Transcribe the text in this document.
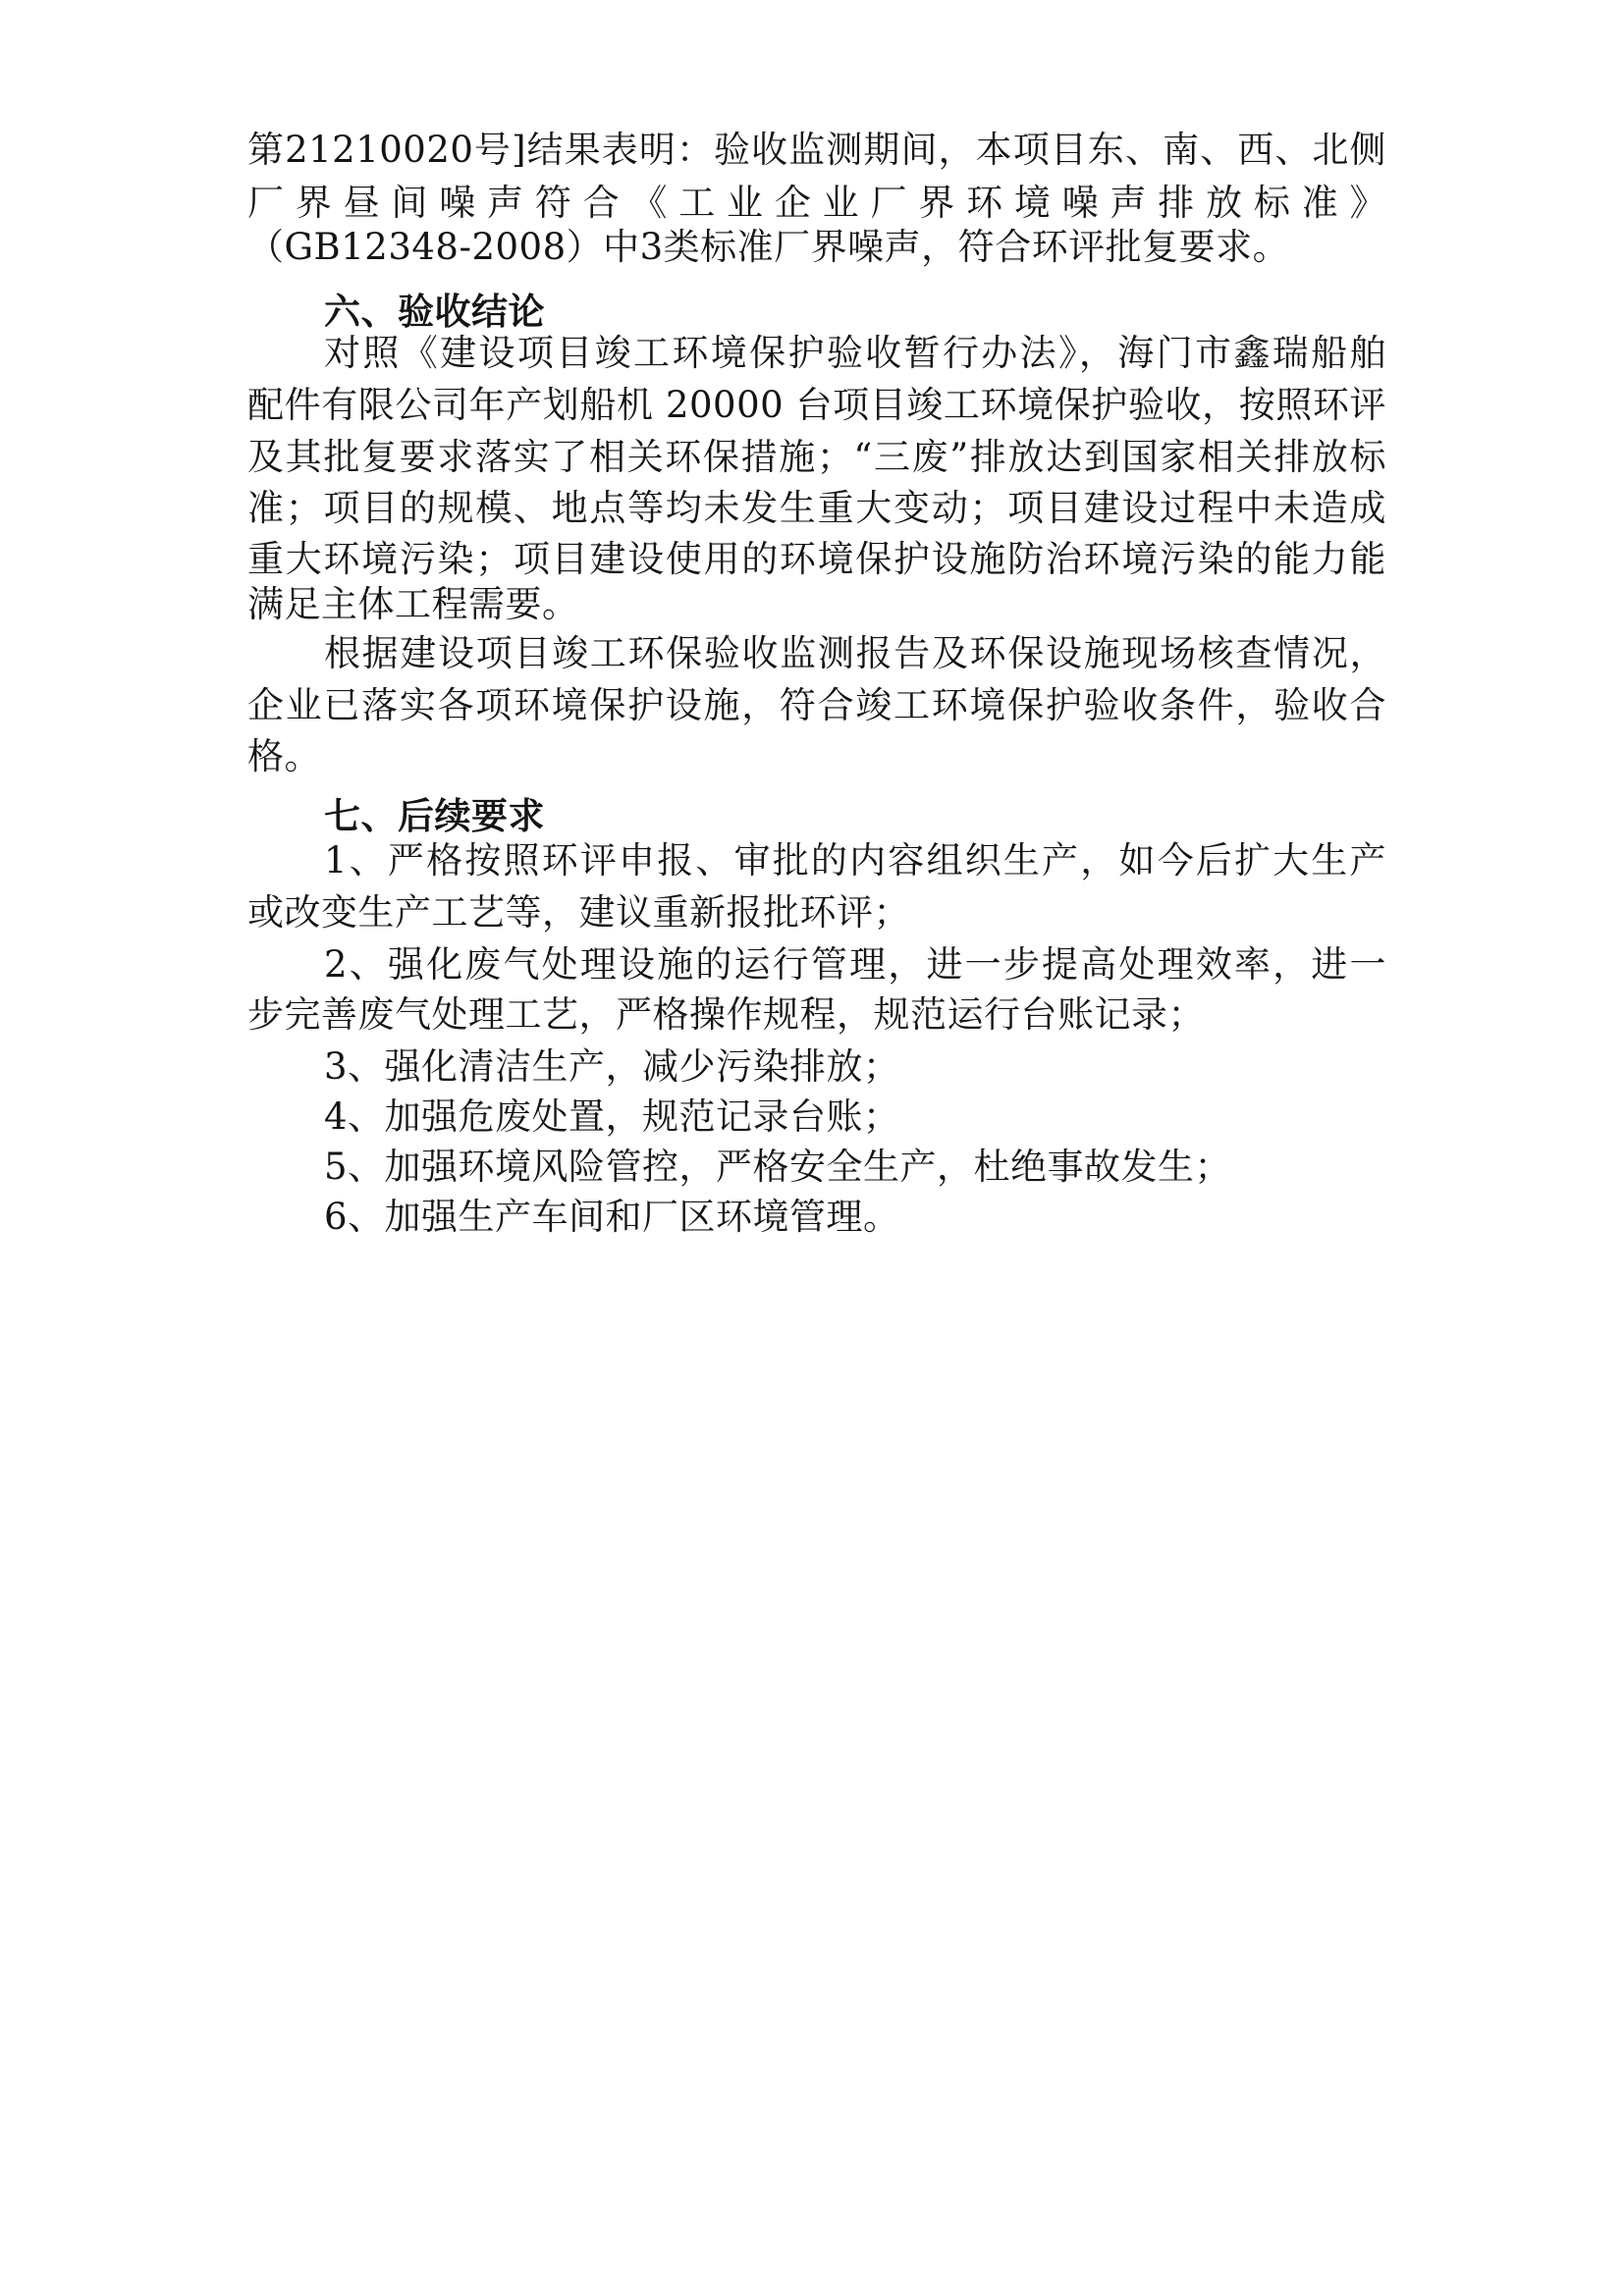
第21210020号]结果表明：验收监测期间，本项目东、南、西、北侧
厂界昼间噪声符合《工业企业厂界环境噪声排放标准》
（GB12348-2008）中3类标准厂界噪声，符合环评批复要求。
六、验收结论
对照《建设项目竣工环境保护验收暂行办法》，海门市鑫瑞船舶
配件有限公司年产划船机 20000 台项目竣工环境保护验收，按照环评
及其批复要求落实了相关环保措施；“三废”排放达到国家相关排放标
准；项目的规模、地点等均未发生重大变动；项目建设过程中未造成
重大环境污染；项目建设使用的环境保护设施防治环境污染的能力能
满足主体工程需要。
根据建设项目竣工环保验收监测报告及环保设施现场核查情况，
企业已落实各项环境保护设施，符合竣工环境保护验收条件，验收合
格。
七、后续要求
1、严格按照环评申报、审批的内容组织生产，如今后扩大生产
或改变生产工艺等，建议重新报批环评；
2、强化废气处理设施的运行管理，进一步提高处理效率，进一
步完善废气处理工艺，严格操作规程，规范运行台账记录；
3、强化清洁生产，减少污染排放；
4、加强危废处置，规范记录台账；
5、加强环境风险管控，严格安全生产，杜绝事故发生；
6、加强生产车间和厂区环境管理。
